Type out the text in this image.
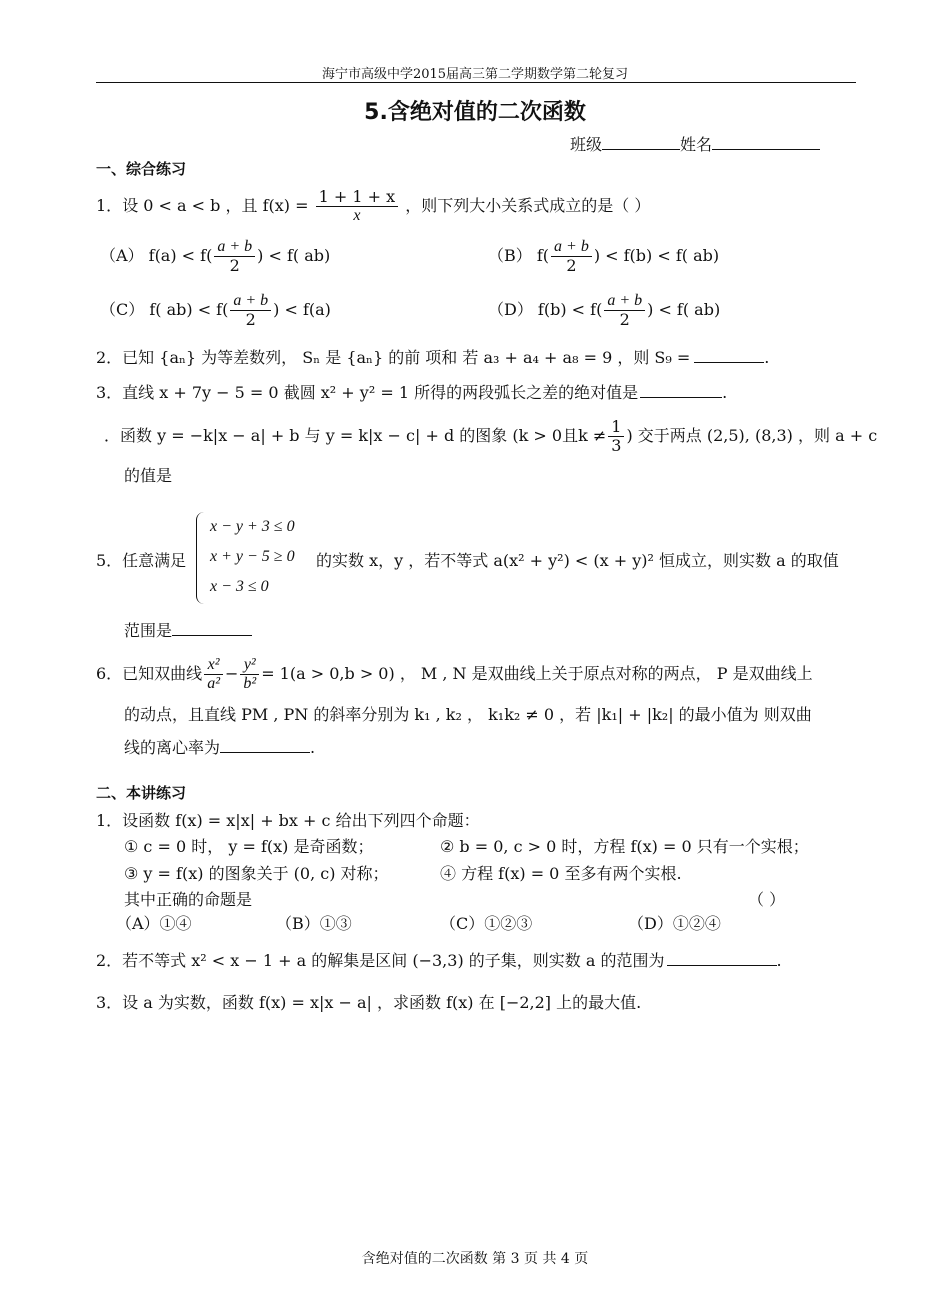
海宁市高级中学2015届高三第二学期数学第二轮复习
5.含绝对值的二次函数
班级	姓名
一、综合练习
1．设 0 < a < b ，且 $f(x) = \frac{1 + 1 + x}{x}$ ，则下列大小关系式成立的是（ ）
（A） $f(a) < f( \frac{a + b}{2}$ ) < f( ab)	（B） $f( \frac{a + b}{2}$ ) < f(b) < f( ab)
（C） f( $ab) < f( \frac{a + b}{2}$ ) < f(a)	（D） $f(b) < f( \frac{a + b}{2}$ ) < f( ab)
2．已知 {aₙ} 为等差数列， Sₙ 是 {aₙ} 的前 项和 若 a₃ + a₄ + a₈ = 9 ，则 S₉ =	.
3．直线 x + 7y − 5 = 0 截圆 x² + y² = 1 所得的两段弧长之差的绝对值是	.
．函数 y = −k|x − a| + b 与 y = k|x − c| + d 的图象 (k > 0且$k \ne \frac{1}{3}$ ) 交于两点 (2,5), (8,3) ，则 a + c
的值是
5．任意满足
x − y + 3 ≤ 0
x + y − 5 ≥ 0
x − 3 ≤ 0
的实数 x，y ，若不等式 a(x² + y²) < (x + y)² 恒成立，则实数 a 的取值
范围是
6．已知双曲线 $\frac{\text{x²}}{\text{a²}} - \frac{\text{y²}}{\text{b²}} = 1(a > 0,b > 0)$ ， M , N 是双曲线上关于原点对称的两点， P 是双曲线上
的动点，且直线 PM , PN 的斜率分别为 k₁ , k₂ ， k₁k₂ ≠ 0 ，若 |k₁| + |k₂| 的最小值为 则双曲
线的离心率为	.
二、本讲练习
1．设函数 f(x) = x|x| + bx + c 给出下列四个命题：
① c = 0 时， y = f(x) 是奇函数；	② b = 0, c > 0 时，方程 f(x) = 0 只有一个实根；
③ y = f(x) 的图象关于 (0, c) 对称；	④ 方程 f(x) = 0 至多有两个实根.
其中正确的命题是	（ ）
（A）①④	（B）①③	（C）①②③	（D）①②④
2．若不等式 x² < x − 1 + a 的解集是区间 (−3,3) 的子集，则实数 a 的范围为	.
3．设 a 为实数，函数 f(x) = x|x − a| ，求函数 f(x) 在 [−2,2] 上的最大值.
含绝对值的二次函数 第 3 页 共 4 页
